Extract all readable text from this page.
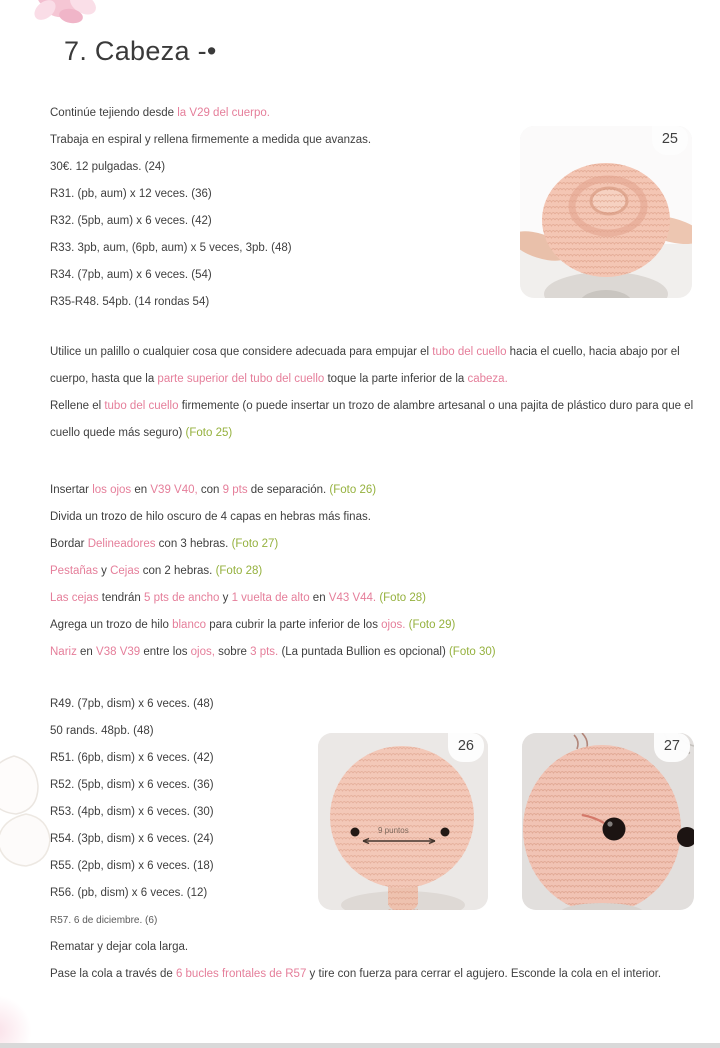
7. Cabeza -•
Continúe tejiendo desde la V29 del cuerpo.
Trabaja en espiral y rellena firmemente a medida que avanzas.
30€. 12 pulgadas. (24)
R31. (pb, aum) x 12 veces. (36)
R32. (5pb, aum) x 6 veces. (42)
R33. 3pb, aum, (6pb, aum) x 5 veces, 3pb. (48)
R34. (7pb, aum) x 6 veces. (54)
R35-R48. 54pb. (14 rondas 54)
25
Utilice un palillo o cualquier cosa que considere adecuada para empujar el tubo del cuello hacia el cuello, hacia abajo por el cuerpo, hasta que la parte superior del tubo del cuello toque la parte inferior de la cabeza.
Rellene el tubo del cuello firmemente (o puede insertar un trozo de alambre artesanal o una pajita de plástico duro para que el cuello quede más seguro) (Foto 25)
Insertar los ojos en V39 V40, con 9 pts de separación. (Foto 26)
Divida un trozo de hilo oscuro de 4 capas en hebras más finas.
Bordar Delineadores con 3 hebras. (Foto 27)
Pestañas y Cejas con 2 hebras. (Foto 28)
Las cejas tendrán 5 pts de ancho y 1 vuelta de alto en V43 V44. (Foto 28)
Agrega un trozo de hilo blanco para cubrir la parte inferior de los ojos. (Foto 29)
Nariz en V38 V39 entre los ojos, sobre 3 pts. (La puntada Bullion es opcional) (Foto 30)
R49. (7pb, dism) x 6 veces. (48)
50 rands. 48pb. (48)
R51. (6pb, dism) x 6 veces. (42)
R52. (5pb, dism) x 6 veces. (36)
R53. (4pb, dism) x 6 veces. (30)
R54. (3pb, dism) x 6 veces. (24)
R55. (2pb, dism) x 6 veces. (18)
R56. (pb, dism) x 6 veces. (12)
R57. 6 de diciembre. (6)
Rematar y dejar cola larga.
Pase la cola a través de 6 bucles frontales de R57 y tire con fuerza para cerrar el agujero. Esconde la cola en el interior.
9 puntos
26	27
